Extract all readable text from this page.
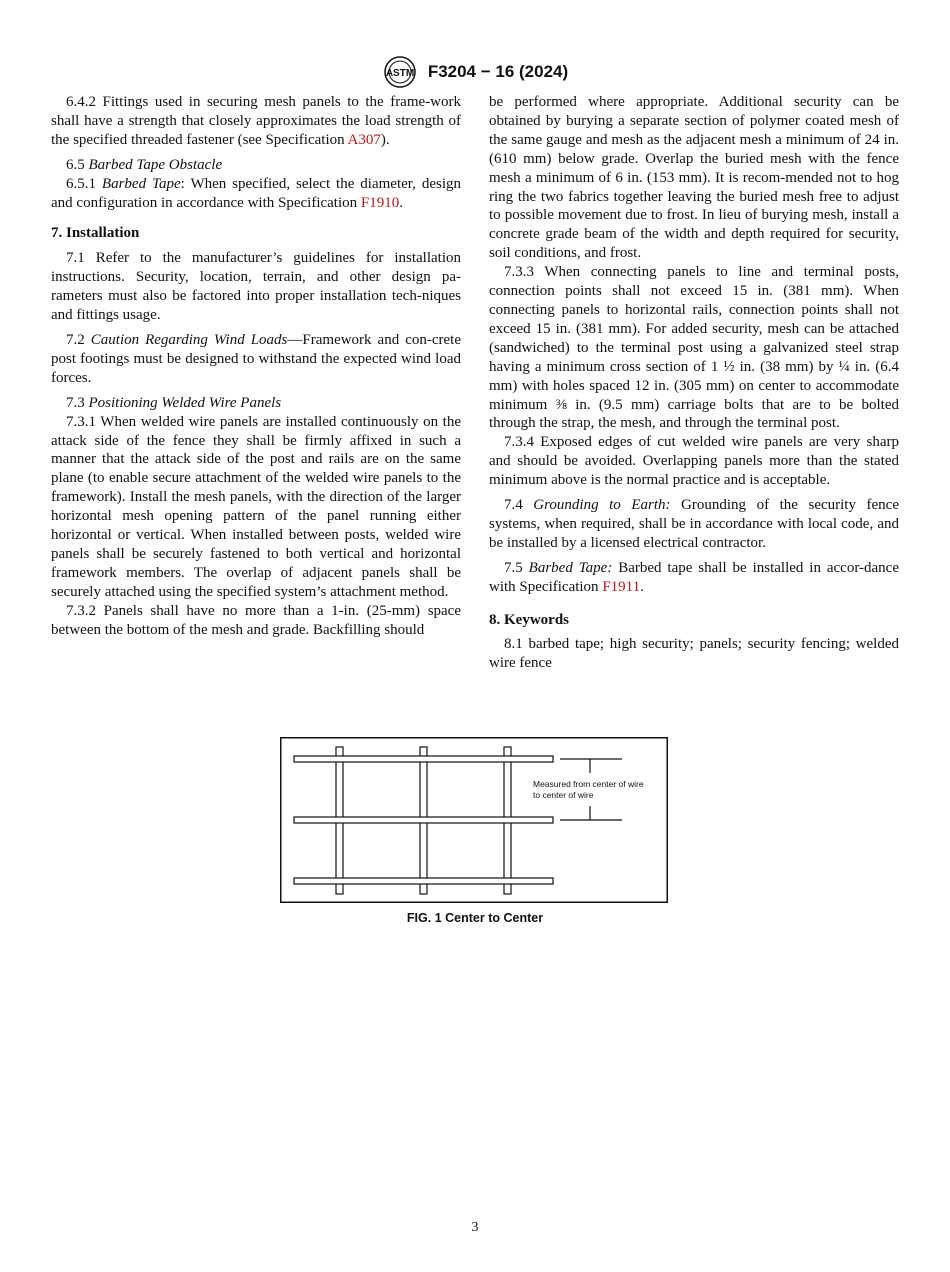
ASTM F3204 − 16 (2024)

6.4.2 Fittings used in securing mesh panels to the frame-work shall have a strength that closely approximates the load strength of the specified threaded fastener (see Specification A307).

6.5 Barbed Tape Obstacle

6.5.1 Barbed Tape: When specified, select the diameter, design and configuration in accordance with Specification F1910.

7. Installation

7.1 Refer to the manufacturer’s guidelines for installation instructions. Security, location, terrain, and other design pa-rameters must also be factored into proper installation tech-niques and fittings usage.

7.2 Caution Regarding Wind Loads—Framework and con-crete post footings must be designed to withstand the expected wind load forces.

7.3 Positioning Welded Wire Panels

7.3.1 When welded wire panels are installed continuously on the attack side of the fence they shall be firmly affixed in such a manner that the attack side of the post and rails are on the same plane (to enable secure attachment of the welded wire panels to the framework). Install the mesh panels, with the direction of the larger horizontal mesh opening pattern of the panel running either horizontal or vertical. When installed between posts, welded wire panels shall be securely fastened to both vertical and horizontal framework members. The overlap of adjacent panels shall be securely attached using the specified system’s attachment method.

7.3.2 Panels shall have no more than a 1-in. (25-mm) space between the bottom of the mesh and grade. Backfilling should

be performed where appropriate. Additional security can be obtained by burying a separate section of polymer coated mesh of the same gauge and mesh as the adjacent mesh a minimum of 24 in. (610 mm) below grade. Overlap the buried mesh with the fence mesh a minimum of 6 in. (153 mm). It is recom-mended not to hog ring the two fabrics together leaving the buried mesh free to adjust to possible movement due to frost. In lieu of burying mesh, install a concrete grade beam of the width and depth required for security, soil conditions, and frost.

7.3.3 When connecting panels to line and terminal posts, connection points shall not exceed 15 in. (381 mm). When connecting panels to horizontal rails, connection points shall not exceed 15 in. (381 mm). For added security, mesh can be attached (sandwiched) to the terminal post using a galvanized steel strap having a minimum cross section of 1 ½ in. (38 mm) by ¼ in. (6.4 mm) with holes spaced 12 in. (305 mm) on center to accommodate minimum ⅜ in. (9.5 mm) carriage bolts that are to be bolted through the strap, the mesh, and through the terminal post.

7.3.4 Exposed edges of cut welded wire panels are very sharp and should be avoided. Overlapping panels more than the stated minimum above is the normal practice and is acceptable.

7.4 Grounding to Earth: Grounding of the security fence systems, when required, shall be in accordance with local code, and be installed by a licensed electrical contractor.

7.5 Barbed Tape: Barbed tape shall be installed in accor-dance with Specification F1911.

8. Keywords

8.1 barbed tape; high security; panels; security fencing; welded wire fence

Measured from center of wire
to center of wire
FIG. 1 Center to Center
3
